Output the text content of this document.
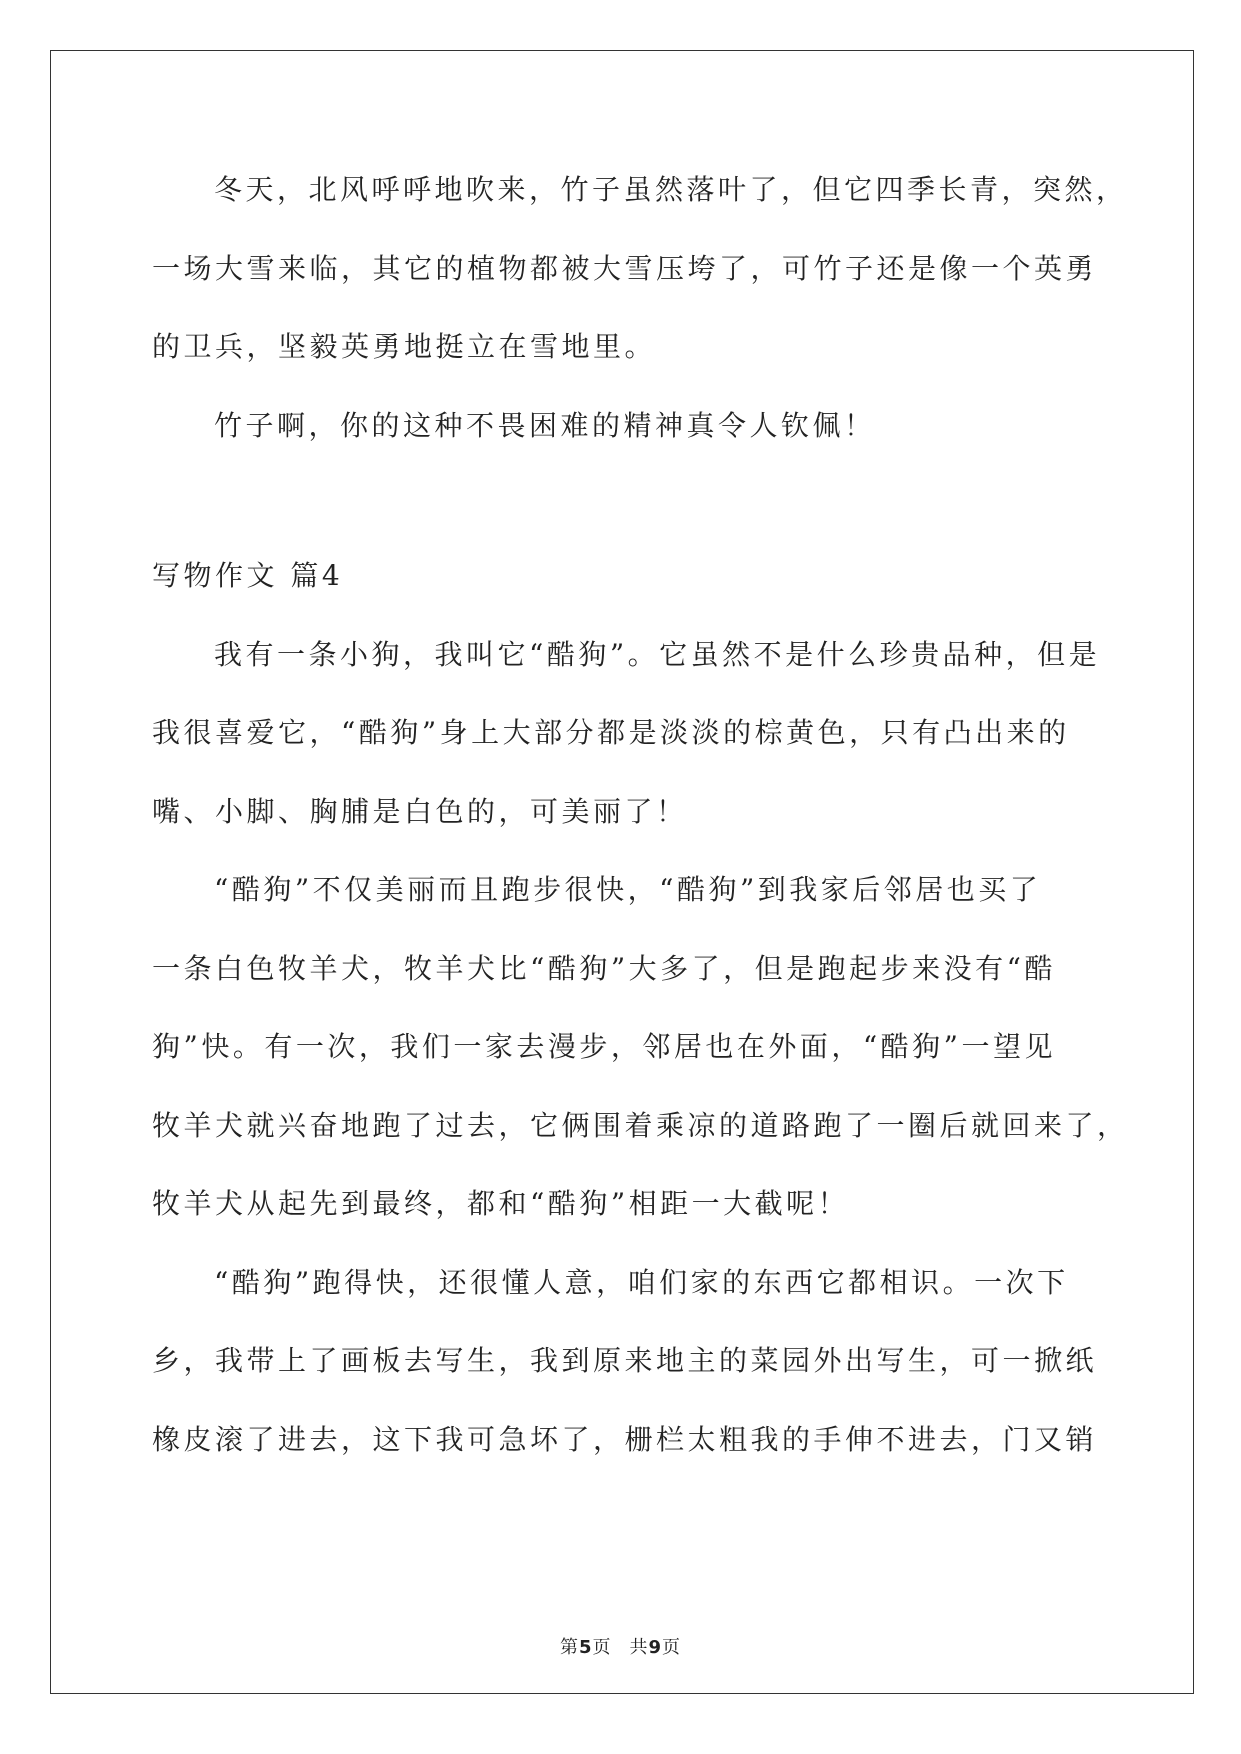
冬天，北风呼呼地吹来，竹子虽然落叶了，但它四季长青，突然，
一场大雪来临，其它的植物都被大雪压垮了，可竹子还是像一个英勇
的卫兵，坚毅英勇地挺立在雪地里。
竹子啊，你的这种不畏困难的精神真令人钦佩！
写物作文 篇4
我有一条小狗，我叫它“酷狗”。它虽然不是什么珍贵品种，但是
我很喜爱它，“酷狗”身上大部分都是淡淡的棕黄色，只有凸出来的
嘴、小脚、胸脯是白色的，可美丽了！
“酷狗”不仅美丽而且跑步很快，“酷狗”到我家后邻居也买了
一条白色牧羊犬，牧羊犬比“酷狗”大多了，但是跑起步来没有“酷
狗”快。有一次，我们一家去漫步，邻居也在外面，“酷狗”一望见
牧羊犬就兴奋地跑了过去，它俩围着乘凉的道路跑了一圈后就回来了，
牧羊犬从起先到最终，都和“酷狗”相距一大截呢！
“酷狗”跑得快，还很懂人意，咱们家的东西它都相识。一次下
乡，我带上了画板去写生，我到原来地主的菜园外出写生，可一掀纸
橡皮滚了进去，这下我可急坏了，栅栏太粗我的手伸不进去，门又销
第5页 共9页
